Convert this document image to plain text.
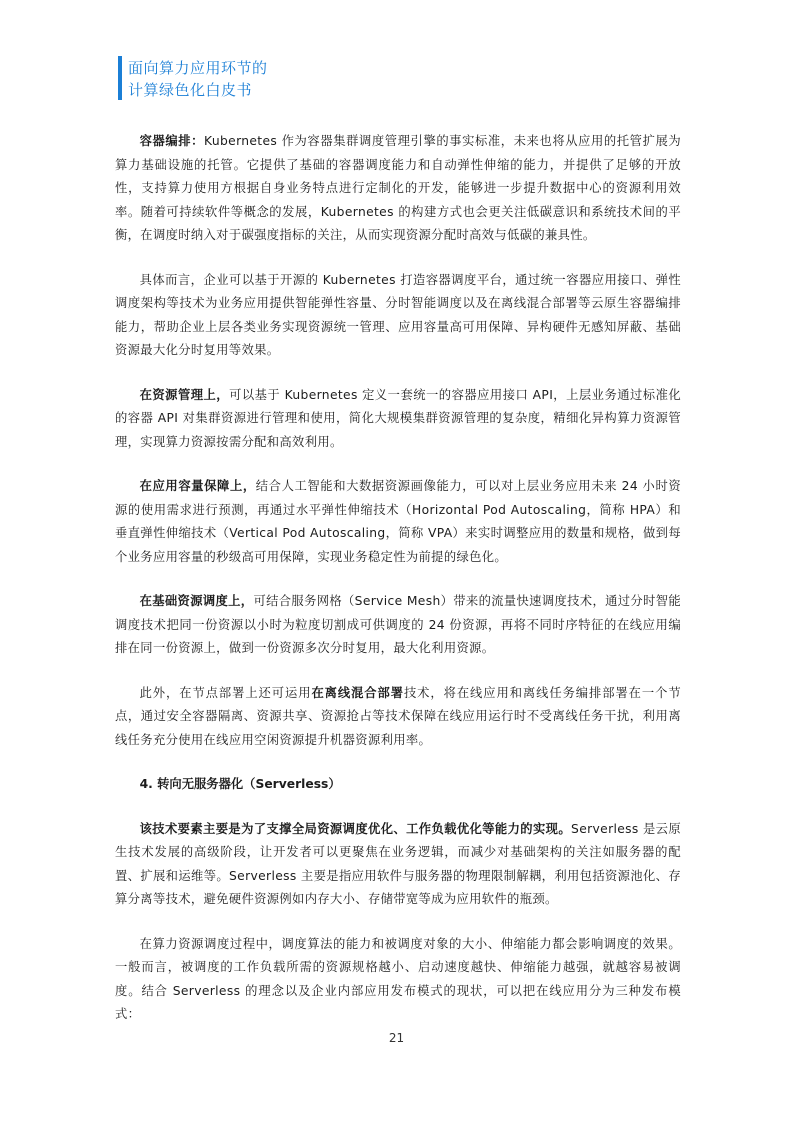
面向算力应用环节的
计算绿色化白皮书

容器编排：Kubernetes 作为容器集群调度管理引擎的事实标准，未来也将从应用的托管扩展为算力基础设施的托管。它提供了基础的容器调度能力和自动弹性伸缩的能力，并提供了足够的开放性，支持算力使用方根据自身业务特点进行定制化的开发，能够进一步提升数据中心的资源利用效率。随着可持续软件等概念的发展，Kubernetes 的构建方式也会更关注低碳意识和系统技术间的平衡，在调度时纳入对于碳强度指标的关注，从而实现资源分配时高效与低碳的兼具性。

具体而言，企业可以基于开源的 Kubernetes 打造容器调度平台，通过统一容器应用接口、弹性调度架构等技术为业务应用提供智能弹性容量、分时智能调度以及在离线混合部署等云原生容器编排能力，帮助企业上层各类业务实现资源统一管理、应用容量高可用保障、异构硬件无感知屏蔽、基础资源最大化分时复用等效果。

在资源管理上，可以基于 Kubernetes 定义一套统一的容器应用接口 API，上层业务通过标准化的容器 API 对集群资源进行管理和使用，简化大规模集群资源管理的复杂度，精细化异构算力资源管理，实现算力资源按需分配和高效利用。

在应用容量保障上，结合人工智能和大数据资源画像能力，可以对上层业务应用未来 24 小时资源的使用需求进行预测，再通过水平弹性伸缩技术（Horizontal Pod Autoscaling，简称 HPA）和垂直弹性伸缩技术（Vertical Pod Autoscaling，简称 VPA）来实时调整应用的数量和规格，做到每个业务应用容量的秒级高可用保障，实现业务稳定性为前提的绿色化。

在基础资源调度上，可结合服务网格（Service Mesh）带来的流量快速调度技术，通过分时智能调度技术把同一份资源以小时为粒度切割成可供调度的 24 份资源，再将不同时序特征的在线应用编排在同一份资源上，做到一份资源多次分时复用，最大化利用资源。

此外，在节点部署上还可运用在离线混合部署技术，将在线应用和离线任务编排部署在一个节点，通过安全容器隔离、资源共享、资源抢占等技术保障在线应用运行时不受离线任务干扰，利用离线任务充分使用在线应用空闲资源提升机器资源利用率。

4. 转向无服务器化（Serverless）

该技术要素主要是为了支撑全局资源调度优化、工作负载优化等能力的实现。Serverless 是云原生技术发展的高级阶段，让开发者可以更聚焦在业务逻辑，而减少对基础架构的关注如服务器的配置、扩展和运维等。Serverless 主要是指应用软件与服务器的物理限制解耦，利用包括资源池化、存算分离等技术，避免硬件资源例如内存大小、存储带宽等成为应用软件的瓶颈。

在算力资源调度过程中，调度算法的能力和被调度对象的大小、伸缩能力都会影响调度的效果。一般而言，被调度的工作负载所需的资源规格越小、启动速度越快、伸缩能力越强，就越容易被调度。结合 Serverless 的理念以及企业内部应用发布模式的现状，可以把在线应用分为三种发布模式：

21
